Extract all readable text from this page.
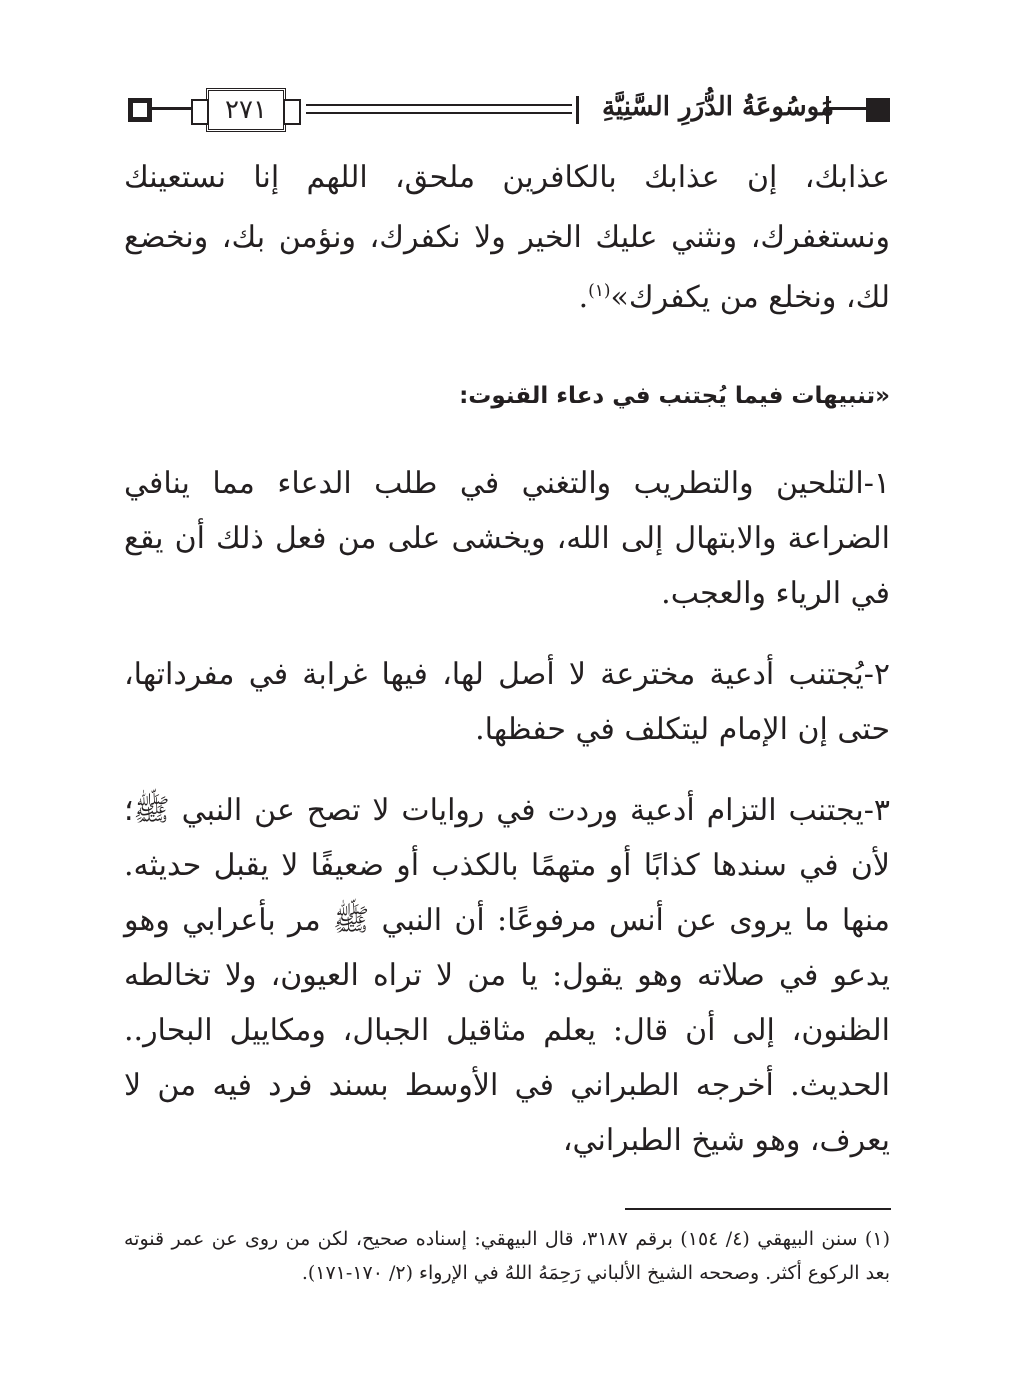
٢٧١	مَوسُوعَةُ الدُّرَرِ السَّنِيَّةِ

عذابك، إن عذابك بالكافرين ملحق، اللهم إنا نستعينك ونستغفرك، ونثني عليك الخير ولا نكفرك، ونؤمن بك، ونخضع لك، ونخلع من يكفرك»$^{(١)}$.

«تنبيهات فيما يُجتنب في دعاء القنوت:

١-التلحين والتطريب والتغني في طلب الدعاء مما ينافي الضراعة والابتهال إلى الله، ويخشى على من فعل ذلك أن يقع في الرياء والعجب.

٢-يُجتنب أدعية مخترعة لا أصل لها، فيها غرابة في مفرداتها، حتى إن الإمام ليتكلف في حفظها.

٣-يجتنب التزام أدعية وردت في روايات لا تصح عن النبي ﷺ؛ لأن في سندها كذابًا أو متهمًا بالكذب أو ضعيفًا لا يقبل حديثه. منها ما يروى عن أنس مرفوعًا: أن النبي ﷺ مر بأعرابي وهو يدعو في صلاته وهو يقول: يا من لا تراه العيون، ولا تخالطه الظنون، إلى أن قال: يعلم مثاقيل الجبال، ومكاييل البحار.. الحديث. أخرجه الطبراني في الأوسط بسند فرد فيه من لا يعرف، وهو شيخ الطبراني،

(١) سنن البيهقي (٤/ ١٥٤) برقم ٣١٨٧، قال البيهقي: إسناده صحيح، لكن من روى عن عمر قنوته بعد الركوع أكثر. وصححه الشيخ الألباني رَحِمَهُ اللهُ في الإرواء (٢/ ١٧٠-١٧١).
